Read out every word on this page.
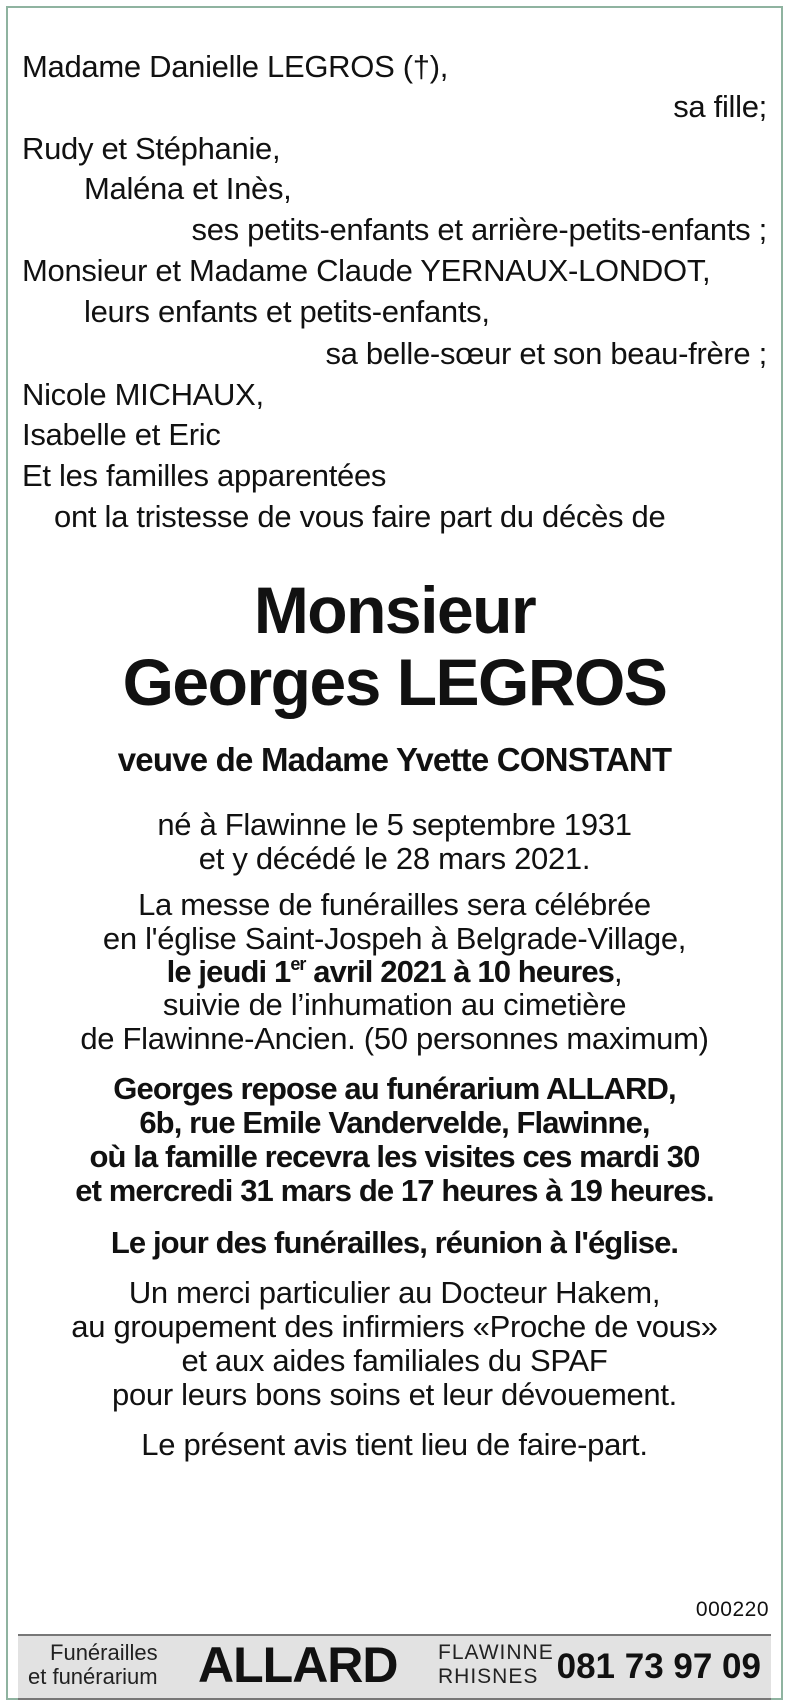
Madame Danielle LEGROS (†),
sa fille;
Rudy et Stéphanie,
Maléna et Inès,
ses petits-enfants et arrière-petits-enfants ;
Monsieur et Madame Claude YERNAUX-LONDOT,
leurs enfants et petits-enfants,
sa belle-sœur et son beau-frère ;
Nicole MICHAUX,
Isabelle et Eric
Et les familles apparentées
ont la tristesse de vous faire part du décès de
Monsieur
Georges LEGROS
veuve de Madame Yvette CONSTANT
né à Flawinne le 5 septembre 1931
et y décédé le 28 mars 2021.
La messe de funérailles sera célébrée
en l'église Saint-Jospeh à Belgrade-Village,
le jeudi 1er avril 2021 à 10 heures,
suivie de l’inhumation au cimetière
de Flawinne-Ancien. (50 personnes maximum)
Georges repose au funérarium ALLARD,
6b, rue Emile Vandervelde, Flawinne,
où la famille recevra les visites ces mardi 30
et mercredi 31 mars de 17 heures à 19 heures.
Le jour des funérailles, réunion à l'église.
Un merci particulier au Docteur Hakem,
au groupement des infirmiers «Proche de vous»
et aux aides familiales du SPAF
pour leurs bons soins et leur dévouement.
Le présent avis tient lieu de faire-part.
000220
Funérailles
et funérarium ALLARD FLAWINNE
RHISNES 081 73 97 09
